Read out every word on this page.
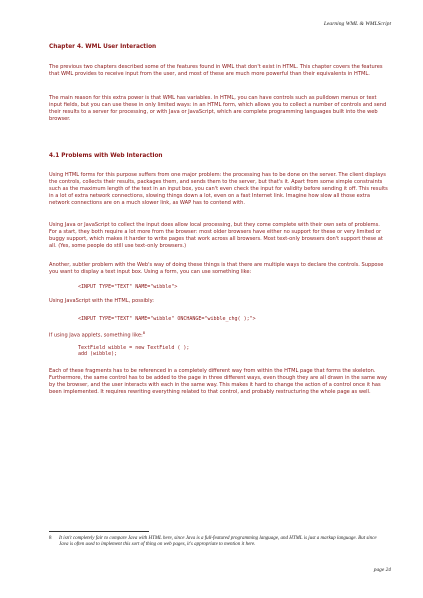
Learning WML & WMLScript
Chapter 4. WML User Interaction

The previous two chapters described some of the features found in WML that don't exist in HTML. This chapter covers the features that WML provides to receive input from the user, and most of these are much more powerful than their equivalents in HTML.

The main reason for this extra power is that WML has variables. In HTML, you can have controls such as pulldown menus or text input fields, but you can use these in only limited ways: in an HTML form, which allows you to collect a number of controls and send their results to a server for processing, or with Java or JavaScript, which are complete programming languages built into the web browser.

4.1 Problems with Web Interaction

Using HTML forms for this purpose suffers from one major problem: the processing has to be done on the server. The client displays the controls, collects their results, packages them, and sends them to the server, but that's it. Apart from some simple constraints such as the maximum length of the text in an input box, you can't even check the input for validity before sending it off. This results in a lot of extra network connections, slowing things down a lot, even on a fast Internet link. Imagine how slow all those extra network connections are on a much slower link, as WAP has to contend with.

Using Java or JavaScript to collect the input does allow local processing, but they come complete with their own sets of problems. For a start, they both require a lot more from the browser: most older browsers have either no support for these or very limited or buggy support, which makes it harder to write pages that work across all browsers. Most text-only browsers don't support these at all. (Yes, some people do still use text-only browsers.)

Another, subtler problem with the Web's way of doing these things is that there are multiple ways to declare the controls. Suppose you want to display a text input box. Using a form, you can use something like:

<INPUT TYPE="TEXT" NAME="wibble">

Using JavaScript with the HTML, possibly:

<INPUT TYPE="TEXT" NAME="wibble" ONCHANGE="wibble_chg( );">

If using Java applets, something like:$^8$

TextField wibble = new TextField ( );
add (wibble);

Each of these fragments has to be referenced in a completely different way from within the HTML page that forms the skeleton. Furthermore, the same control has to be added to the page in three different ways, even though they are all drawn in the same way by the browser, and the user interacts with each in the same way. This makes it hard to change the action of a control once it has been implemented. It requires rewriting everything related to that control, and probably restructuring the whole page as well.

8 It isn't completely fair to compare Java with HTML here, since Java is a full-featured programming language, and HTML is just a markup language. But since Java is often used to implement this sort of thing on web pages, it's appropriate to mention it here.
page 24
